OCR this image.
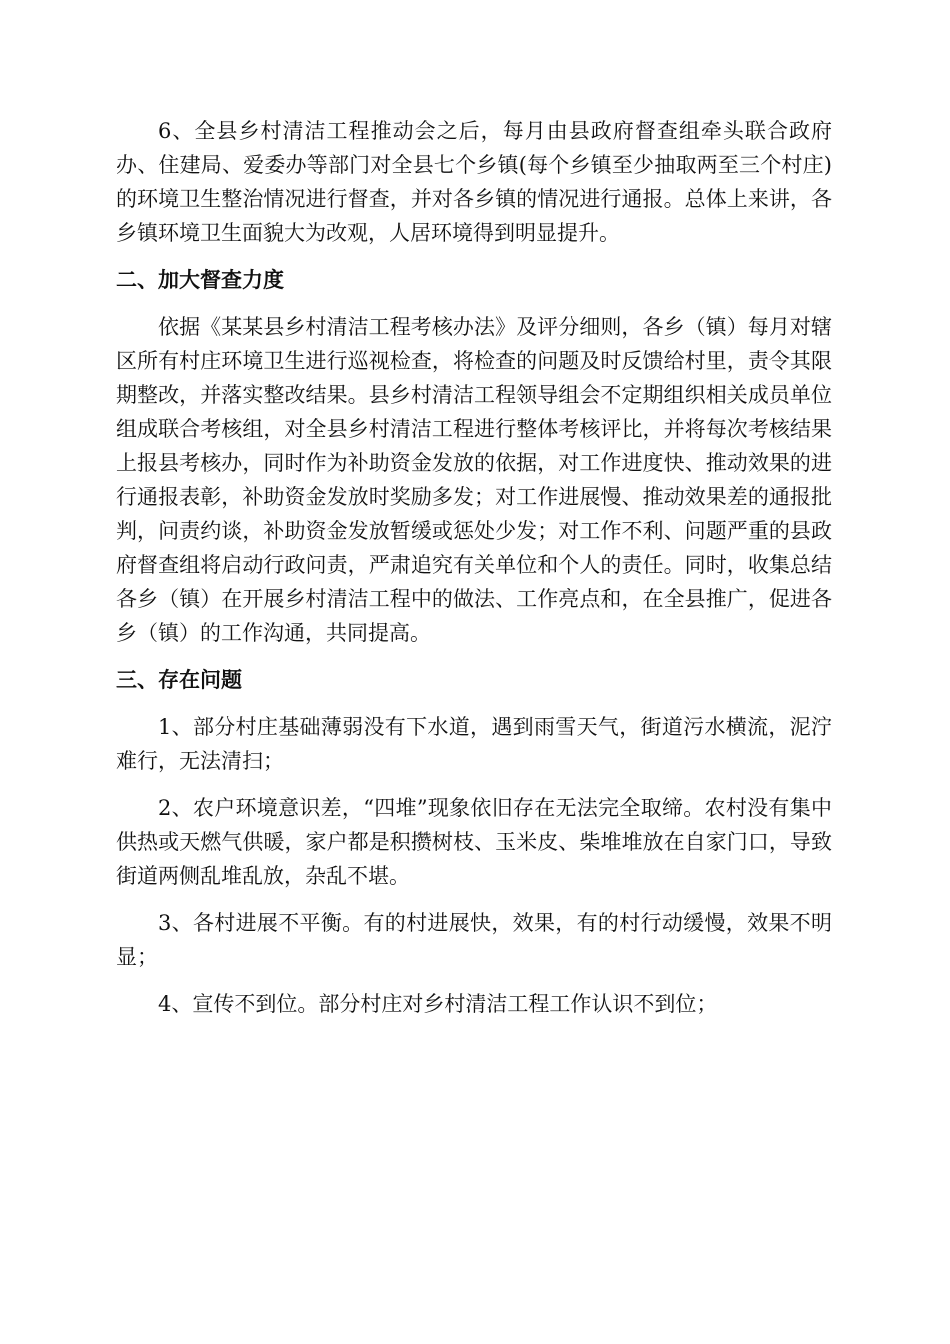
6、全县乡村清洁工程推动会之后，每月由县政府督查组牵头联合政府办、住建局、爱委办等部门对全县七个乡镇(每个乡镇至少抽取两至三个村庄)的环境卫生整治情况进行督查，并对各乡镇的情况进行通报。总体上来讲，各乡镇环境卫生面貌大为改观，人居环境得到明显提升。

二、加大督查力度

依据《某某县乡村清洁工程考核办法》及评分细则，各乡（镇）每月对辖区所有村庄环境卫生进行巡视检查，将检查的问题及时反馈给村里，责令其限期整改，并落实整改结果。县乡村清洁工程领导组会不定期组织相关成员单位组成联合考核组，对全县乡村清洁工程进行整体考核评比，并将每次考核结果上报县考核办，同时作为补助资金发放的依据，对工作进度快、推动效果的进行通报表彰，补助资金发放时奖励多发；对工作进展慢、推动效果差的通报批判，问责约谈，补助资金发放暂缓或惩处少发；对工作不利、问题严重的县政府督查组将启动行政问责，严肃追究有关单位和个人的责任。同时，收集总结各乡（镇）在开展乡村清洁工程中的做法、工作亮点和，在全县推广，促进各乡（镇）的工作沟通，共同提高。

三、存在问题

1、部分村庄基础薄弱没有下水道，遇到雨雪天气，街道污水横流，泥泞难行，无法清扫；

2、农户环境意识差，“四堆”现象依旧存在无法完全取缔。农村没有集中供热或天燃气供暖，家户都是积攒树枝、玉米皮、柴堆堆放在自家门口，导致街道两侧乱堆乱放，杂乱不堪。

3、各村进展不平衡。有的村进展快，效果，有的村行动缓慢，效果不明显；

4、宣传不到位。部分村庄对乡村清洁工程工作认识不到位；
